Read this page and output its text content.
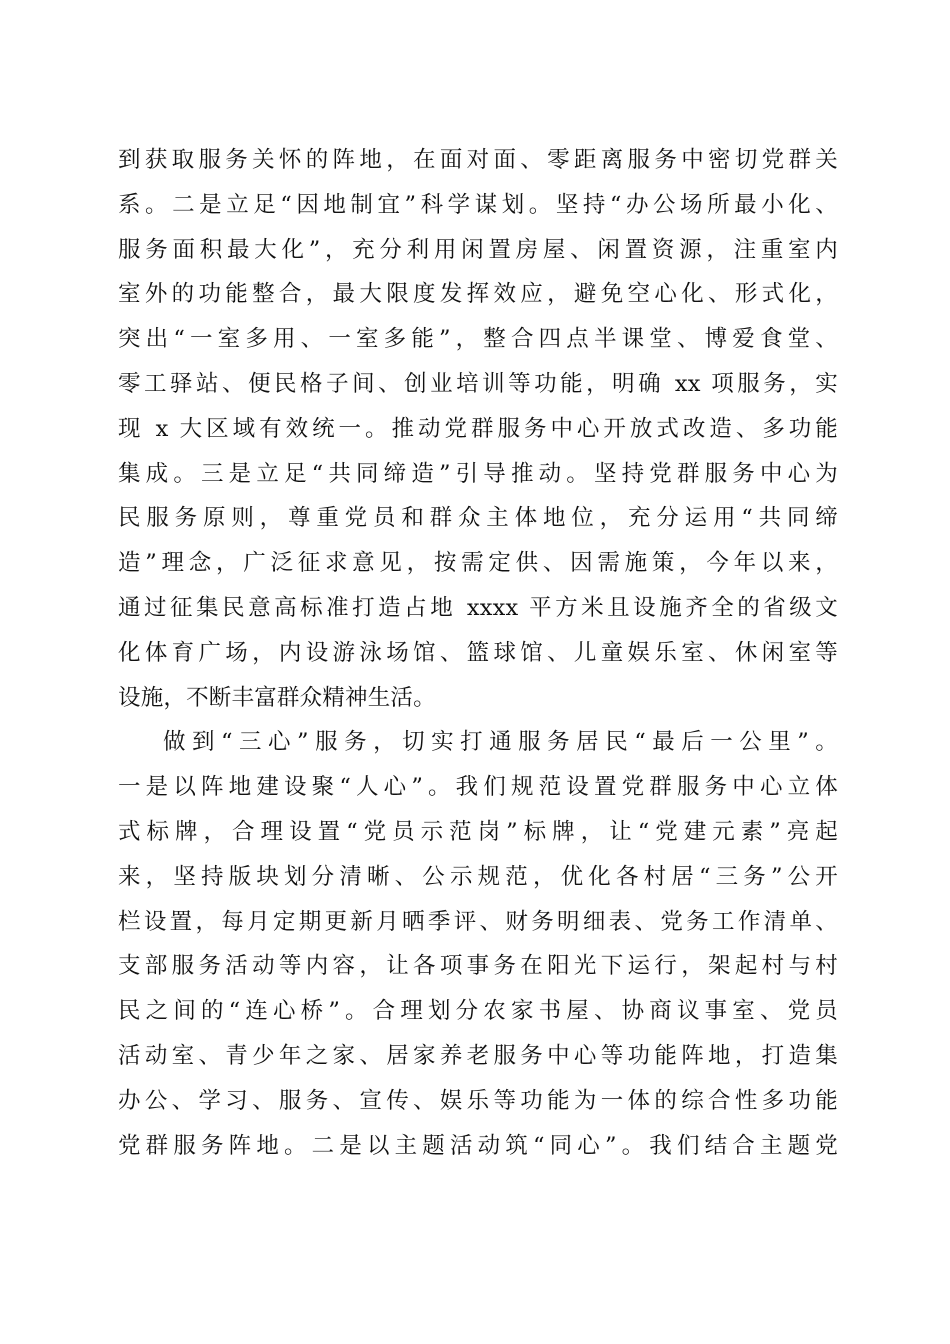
到获取服务关怀的阵地，在面对面、零距离服务中密切党群关
系。二是立足“因地制宜”科学谋划。坚持“办公场所最小化、
服务面积最大化”，充分利用闲置房屋、闲置资源，注重室内
室外的功能整合，最大限度发挥效应，避免空心化、形式化，
突出“一室多用、一室多能”，整合四点半课堂、博爱食堂、
零工驿站、便民格子间、创业培训等功能，明确 xx 项服务，实
现 x 大区域有效统一。推动党群服务中心开放式改造、多功能
集成。三是立足“共同缔造”引导推动。坚持党群服务中心为
民服务原则，尊重党员和群众主体地位，充分运用“共同缔
造”理念，广泛征求意见，按需定供、因需施策，今年以来，
通过征集民意高标准打造占地 xxxx 平方米且设施齐全的省级文
化体育广场，内设游泳场馆、篮球馆、儿童娱乐室、休闲室等
设施，不断丰富群众精神生活。
做到“三心”服务，切实打通服务居民“最后一公里”。
一是以阵地建设聚“人心”。我们规范设置党群服务中心立体
式标牌，合理设置“党员示范岗”标牌，让“党建元素”亮起
来，坚持版块划分清晰、公示规范，优化各村居“三务”公开
栏设置，每月定期更新月晒季评、财务明细表、党务工作清单、
支部服务活动等内容，让各项事务在阳光下运行，架起村与村
民之间的“连心桥”。合理划分农家书屋、协商议事室、党员
活动室、青少年之家、居家养老服务中心等功能阵地，打造集
办公、学习、服务、宣传、娱乐等功能为一体的综合性多功能
党群服务阵地。二是以主题活动筑“同心”。我们结合主题党
